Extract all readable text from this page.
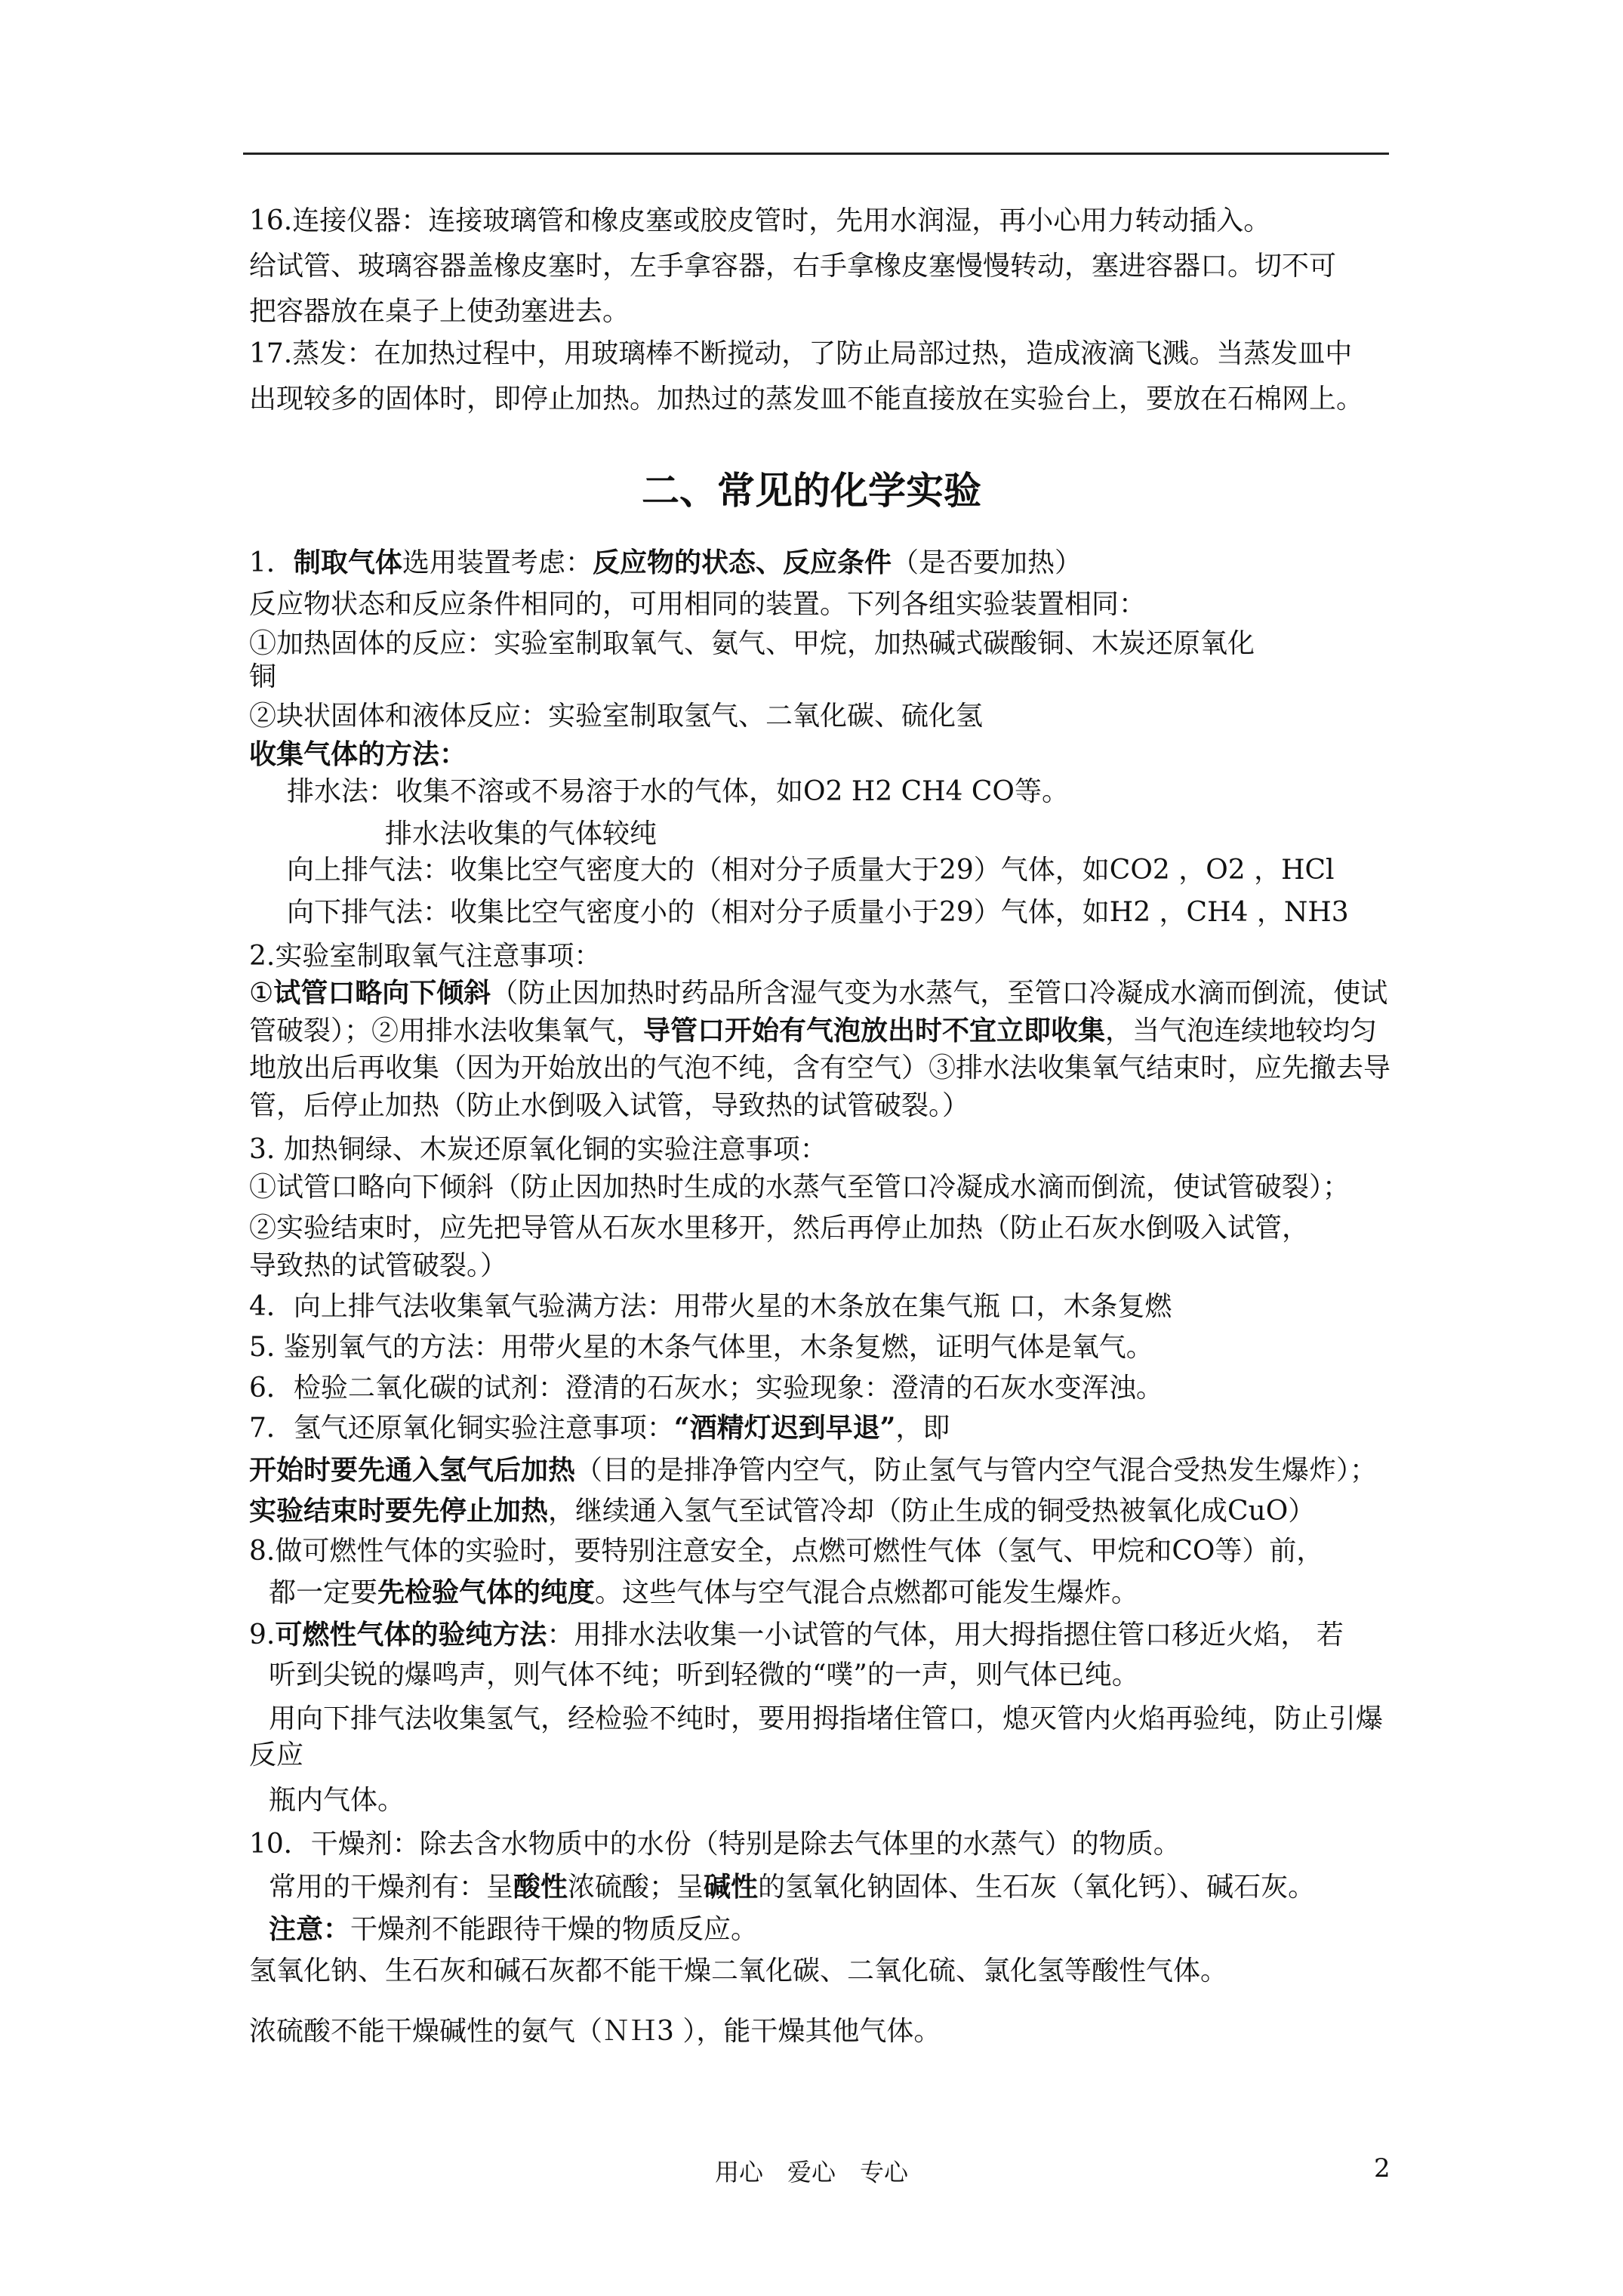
16.连接仪器：连接玻璃管和橡皮塞或胶皮管时，先用水润湿，再小心用力转动插入。
给试管、玻璃容器盖橡皮塞时，左手拿容器，右手拿橡皮塞慢慢转动，塞进容器口。切不可
把容器放在桌子上使劲塞进去。
17.蒸发：在加热过程中，用玻璃棒不断搅动，了防止局部过热，造成液滴飞溅。当蒸发皿中
出现较多的固体时，即停止加热。加热过的蒸发皿不能直接放在实验台上，要放在石棉网上。
二、常见的化学实验
1．制取气体选用装置考虑：反应物的状态、反应条件（是否要加热）
反应物状态和反应条件相同的，可用相同的装置。下列各组实验装置相同：
①加热固体的反应：实验室制取氧气、氨气、甲烷，加热碱式碳酸铜、木炭还原氧化
铜
②块状固体和液体反应：实验室制取氢气、二氧化碳、硫化氢
收集气体的方法：
排水法：收集不溶或不易溶于水的气体，如O2 H2 CH4 CO等。
排水法收集的气体较纯
向上排气法：收集比空气密度大的（相对分子质量大于29）气体，如CO2 ，O2 ，HCl
向下排气法：收集比空气密度小的（相对分子质量小于29）气体，如H2 ，CH4 ，NH3
2.实验室制取氧气注意事项：
①试管口略向下倾斜（防止因加热时药品所含湿气变为水蒸气，至管口冷凝成水滴而倒流，使试
管破裂）；②用排水法收集氧气，导管口开始有气泡放出时不宜立即收集，当气泡连续地较均匀
地放出后再收集（因为开始放出的气泡不纯，含有空气）③排水法收集氧气结束时，应先撤去导
管，后停止加热（防止水倒吸入试管，导致热的试管破裂。）
3. 加热铜绿、木炭还原氧化铜的实验注意事项：
①试管口略向下倾斜（防止因加热时生成的水蒸气至管口冷凝成水滴而倒流，使试管破裂）；
②实验结束时，应先把导管从石灰水里移开，然后再停止加热（防止石灰水倒吸入试管，
导致热的试管破裂。）
4．向上排气法收集氧气验满方法：用带火星的木条放在集气瓶 口，木条复燃
5. 鉴别氧气的方法：用带火星的木条气体里，木条复燃，证明气体是氧气。
6．检验二氧化碳的试剂：澄清的石灰水；实验现象：澄清的石灰水变浑浊。
7．氢气还原氧化铜实验注意事项：“酒精灯迟到早退”，即
开始时要先通入氢气后加热（目的是排净管内空气，防止氢气与管内空气混合受热发生爆炸）；
实验结束时要先停止加热，继续通入氢气至试管冷却（防止生成的铜受热被氧化成CuO）
8.做可燃性气体的实验时，要特别注意安全，点燃可燃性气体（氢气、甲烷和CO等）前，
都一定要先检验气体的纯度。这些气体与空气混合点燃都可能发生爆炸。
9.可燃性气体的验纯方法：用排水法收集一小试管的气体，用大拇指摁住管口移近火焰， 若
听到尖锐的爆鸣声，则气体不纯；听到轻微的“噗”的一声，则气体已纯。
用向下排气法收集氢气，经检验不纯时，要用拇指堵住管口，熄灭管内火焰再验纯，防止引爆
反应
瓶内气体。
10．干燥剂：除去含水物质中的水份（特别是除去气体里的水蒸气）的物质。
常用的干燥剂有：呈酸性浓硫酸；呈碱性的氢氧化钠固体、生石灰（氧化钙）、碱石灰。
注意：干燥剂不能跟待干燥的物质反应。
氢氧化钠、生石灰和碱石灰都不能干燥二氧化碳、二氧化硫、氯化氢等酸性气体。
浓硫酸不能干燥碱性的氨气（ＮＨ3 ），能干燥其他气体。
用心　爱心　专心	2
